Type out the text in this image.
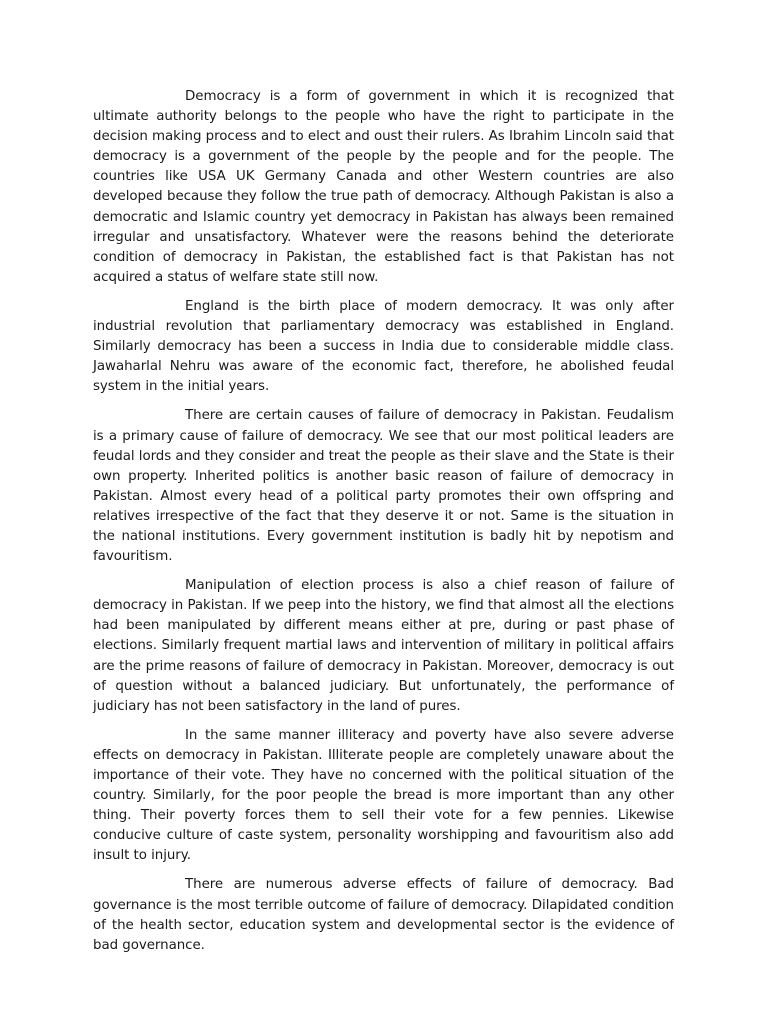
Democracy is a form of government in which it is recognized that ultimate authority belongs to the people who have the right to participate in the decision making process and to elect and oust their rulers. As Ibrahim Lincoln said that democracy is a government of the people by the people and for the people. The countries like USA UK Germany Canada and other Western countries are also developed because they follow the true path of democracy. Although Pakistan is also a democratic and Islamic country yet democracy in Pakistan has always been remained irregular and unsatisfactory. Whatever were the reasons behind the deteriorate condition of democracy in Pakistan, the established fact is that Pakistan has not acquired a status of welfare state still now.

England is the birth place of modern democracy. It was only after industrial revolution that parliamentary democracy was established in England. Similarly democracy has been a success in India due to considerable middle class. Jawaharlal Nehru was aware of the economic fact, therefore, he abolished feudal system in the initial years.

There are certain causes of failure of democracy in Pakistan. Feudalism is a primary cause of failure of democracy. We see that our most political leaders are feudal lords and they consider and treat the people as their slave and the State is their own property. Inherited politics is another basic reason of failure of democracy in Pakistan. Almost every head of a political party promotes their own offspring and relatives irrespective of the fact that they deserve it or not. Same is the situation in the national institutions. Every government institution is badly hit by nepotism and favouritism.

Manipulation of election process is also a chief reason of failure of democracy in Pakistan. If we peep into the history, we find that almost all the elections had been manipulated by different means either at pre, during or past phase of elections. Similarly frequent martial laws and intervention of military in political affairs are the prime reasons of failure of democracy in Pakistan. Moreover, democracy is out of question without a balanced judiciary. But unfortunately, the performance of judiciary has not been satisfactory in the land of pures.

In the same manner illiteracy and poverty have also severe adverse effects on democracy in Pakistan. Illiterate people are completely unaware about the importance of their vote. They have no concerned with the political situation of the country. Similarly, for the poor people the bread is more important than any other thing. Their poverty forces them to sell their vote for a few pennies. Likewise conducive culture of caste system, personality worshipping and favouritism also add insult to injury.

There are numerous adverse effects of failure of democracy. Bad governance is the most terrible outcome of failure of democracy. Dilapidated condition of the health sector, education system and developmental sector is the evidence of bad governance.
